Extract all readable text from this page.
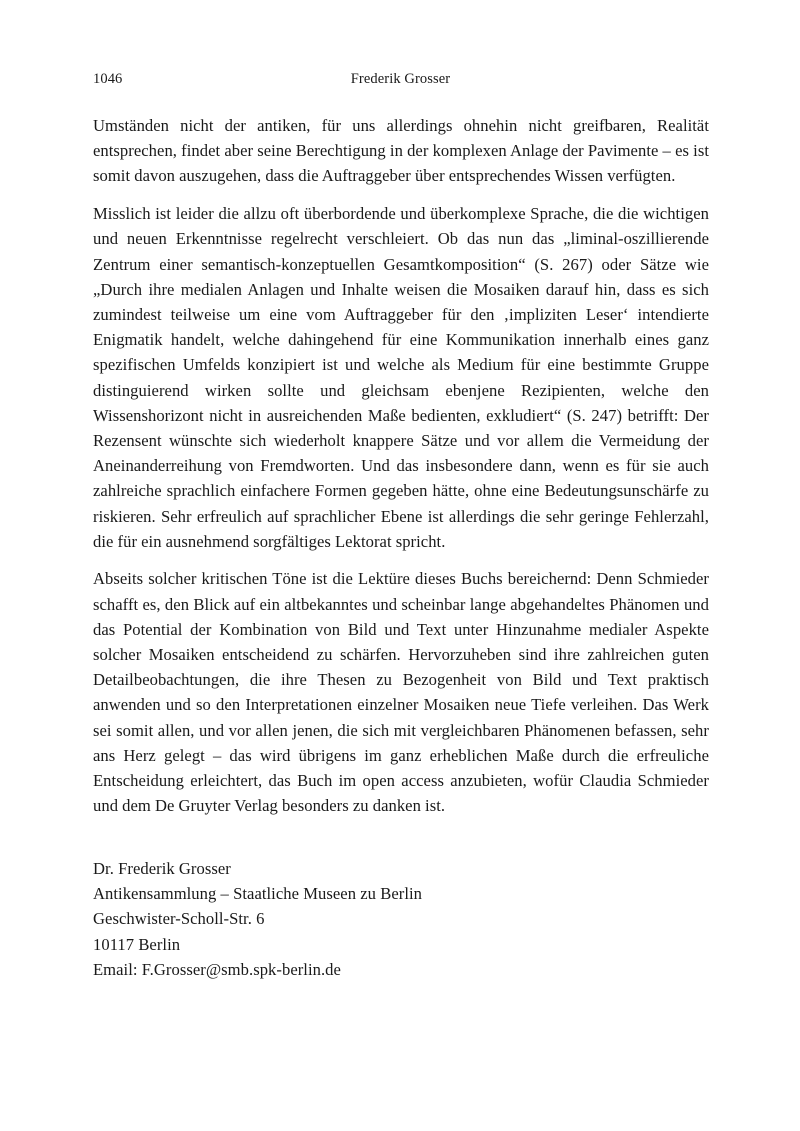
1046	Frederik Grosser

Umständen nicht der antiken, für uns allerdings ohnehin nicht greifbaren, Realität entsprechen, findet aber seine Berechtigung in der komplexen Anlage der Pavimente – es ist somit davon auszugehen, dass die Auftraggeber über entsprechendes Wissen verfügten.

Misslich ist leider die allzu oft überbordende und überkomplexe Sprache, die die wichtigen und neuen Erkenntnisse regelrecht verschleiert. Ob das nun das „liminal-oszillierende Zentrum einer semantisch-konzeptuellen Gesamtkomposition“ (S. 267) oder Sätze wie „Durch ihre medialen Anlagen und Inhalte weisen die Mosaiken darauf hin, dass es sich zumindest teilweise um eine vom Auftraggeber für den ‚impliziten Leser‘ intendierte Enigmatik handelt, welche dahingehend für eine Kommunikation innerhalb eines ganz spezifischen Umfelds konzipiert ist und welche als Medium für eine bestimmte Gruppe distinguierend wirken sollte und gleichsam ebenjene Rezipienten, welche den Wissenshorizont nicht in ausreichenden Maße bedienten, exkludiert“ (S. 247) betrifft: Der Rezensent wünschte sich wiederholt knappere Sätze und vor allem die Vermeidung der Aneinanderreihung von Fremdworten. Und das insbesondere dann, wenn es für sie auch zahlreiche sprachlich einfachere Formen gegeben hätte, ohne eine Bedeutungsunschärfe zu riskieren. Sehr erfreulich auf sprachlicher Ebene ist allerdings die sehr geringe Fehlerzahl, die für ein ausnehmend sorgfältiges Lektorat spricht.

Abseits solcher kritischen Töne ist die Lektüre dieses Buchs bereichernd: Denn Schmieder schafft es, den Blick auf ein altbekanntes und scheinbar lange abgehandeltes Phänomen und das Potential der Kombination von Bild und Text unter Hinzunahme medialer Aspekte solcher Mosaiken entscheidend zu schärfen. Hervorzuheben sind ihre zahlreichen guten Detailbeobachtungen, die ihre Thesen zu Bezogenheit von Bild und Text praktisch anwenden und so den Interpretationen einzelner Mosaiken neue Tiefe verleihen. Das Werk sei somit allen, und vor allen jenen, die sich mit vergleichbaren Phänomenen befassen, sehr ans Herz gelegt – das wird übrigens im ganz erheblichen Maße durch die erfreuliche Entscheidung erleichtert, das Buch im open access anzubieten, wofür Claudia Schmieder und dem De Gruyter Verlag besonders zu danken ist.

Dr. Frederik Grosser
Antikensammlung – Staatliche Museen zu Berlin
Geschwister-Scholl-Str. 6
10117 Berlin
Email: F.Grosser@smb.spk-berlin.de
